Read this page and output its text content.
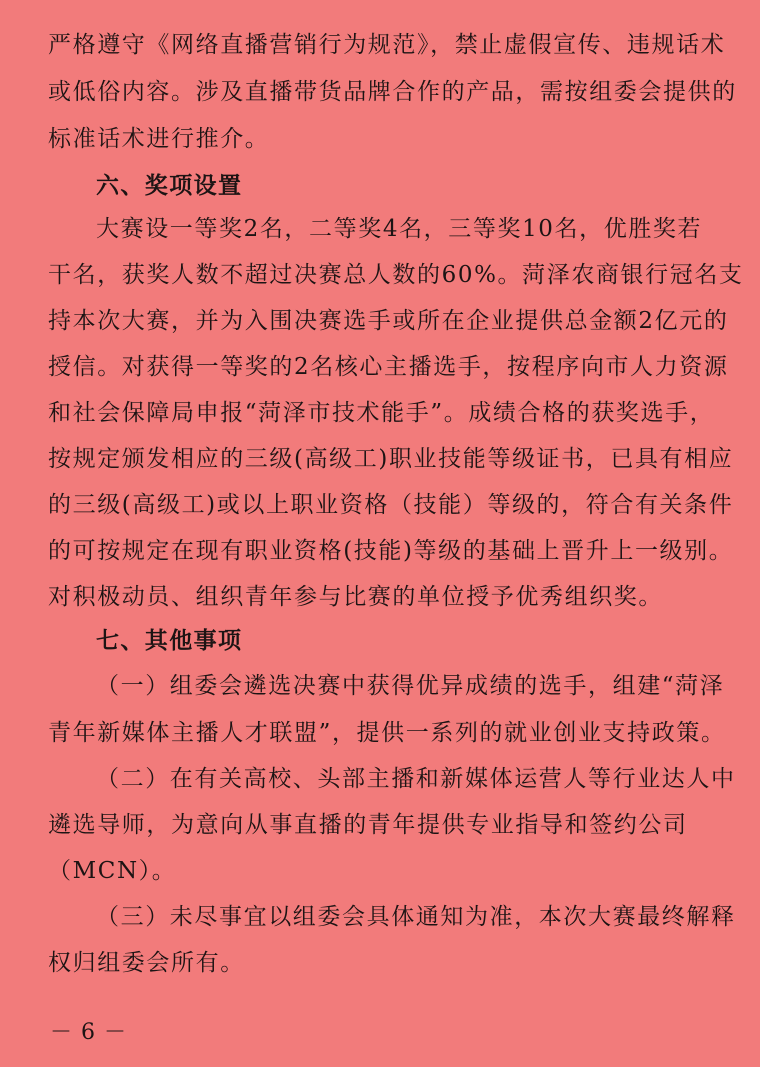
严格遵守《网络直播营销行为规范》，禁止虚假宣传、违规话术
或低俗内容。涉及直播带货品牌合作的产品，需按组委会提供的
标准话术进行推介。
六、奖项设置
大赛设一等奖2名，二等奖4名，三等奖10名，优胜奖若
干名，获奖人数不超过决赛总人数的60%。菏泽农商银行冠名支
持本次大赛，并为入围决赛选手或所在企业提供总金额2亿元的
授信。对获得一等奖的2名核心主播选手，按程序向市人力资源
和社会保障局申报“菏泽市技术能手”。成绩合格的获奖选手，
按规定颁发相应的三级(高级工)职业技能等级证书，已具有相应
的三级(高级工)或以上职业资格（技能）等级的，符合有关条件
的可按规定在现有职业资格(技能)等级的基础上晋升上一级别。
对积极动员、组织青年参与比赛的单位授予优秀组织奖。
七、其他事项
（一）组委会遴选决赛中获得优异成绩的选手，组建“菏泽
青年新媒体主播人才联盟”，提供一系列的就业创业支持政策。
（二）在有关高校、头部主播和新媒体运营人等行业达人中
遴选导师，为意向从事直播的青年提供专业指导和签约公司
（MCN）。
（三）未尽事宜以组委会具体通知为准，本次大赛最终解释
权归组委会所有。
－ 6 －
